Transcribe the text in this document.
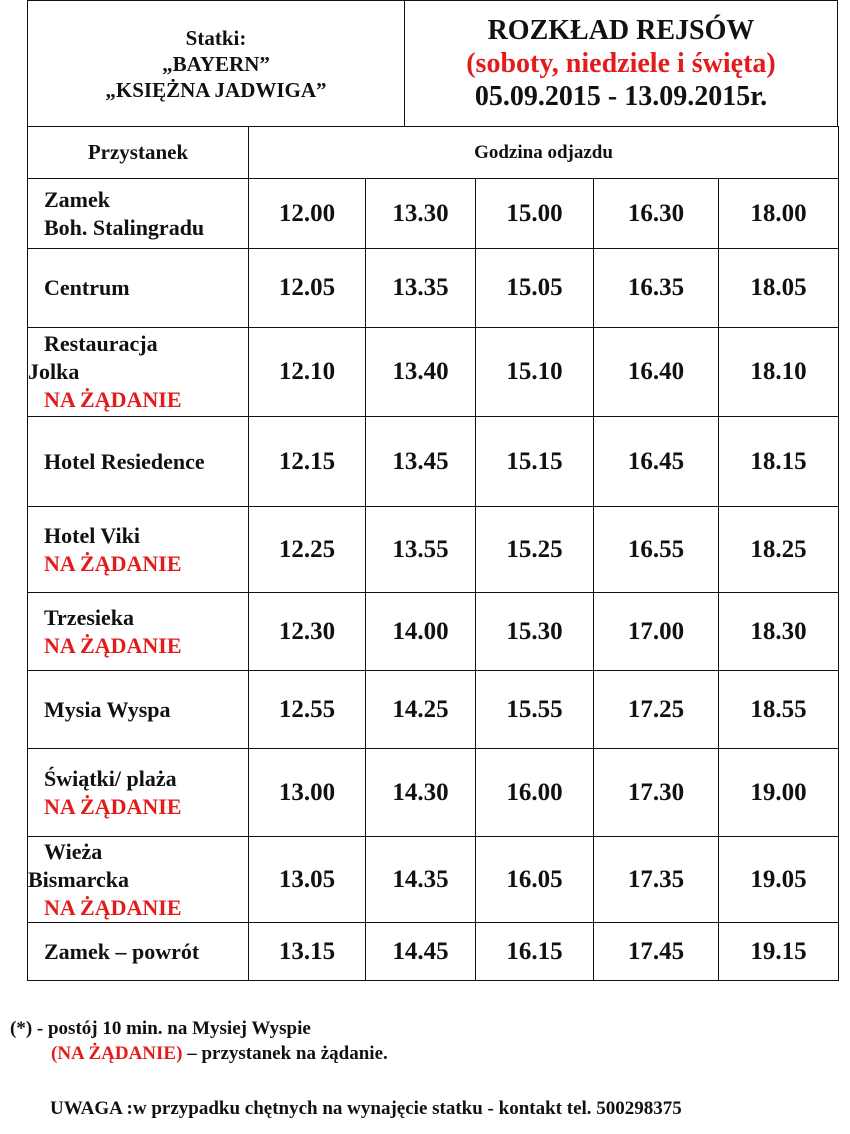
Statki:
„BAYERN”
„KSIĘŻNA JADWIGA”
ROZKŁAD REJSÓW
(soboty, niedziele i święta)
05.09.2015 - 13.09.2015r.
Przystanek	Godzina odjazdu				

Zamek
Boh. Stalingradu	12.00	13.30	15.00	16.30	18.00

Centrum	12.05	13.35	15.05	16.35	18.05

Restauracja
Jolka
NA ŻĄDANIE	12.10	13.40	15.10	16.40	18.10

Hotel Resiedence	12.15	13.45	15.15	16.45	18.15

Hotel Viki
NA ŻĄDANIE	12.25	13.55	15.25	16.55	18.25

Trzesieka
NA ŻĄDANIE	12.30	14.00	15.30	17.00	18.30

Mysia Wyspa	12.55	14.25	15.55	17.25	18.55

Świątki/ plaża
NA ŻĄDANIE	13.00	14.30	16.00	17.30	19.00

Wieża
Bismarcka
NA ŻĄDANIE	13.05	14.35	16.05	17.35	19.05

Zamek – powrót	13.15	14.45	16.15	17.45	19.15
(*) - postój 10 min. na Mysiej Wyspie
(NA ŻĄDANIE) – przystanek na żądanie.
UWAGA :w przypadku chętnych na wynajęcie statku - kontakt tel. 500298375
